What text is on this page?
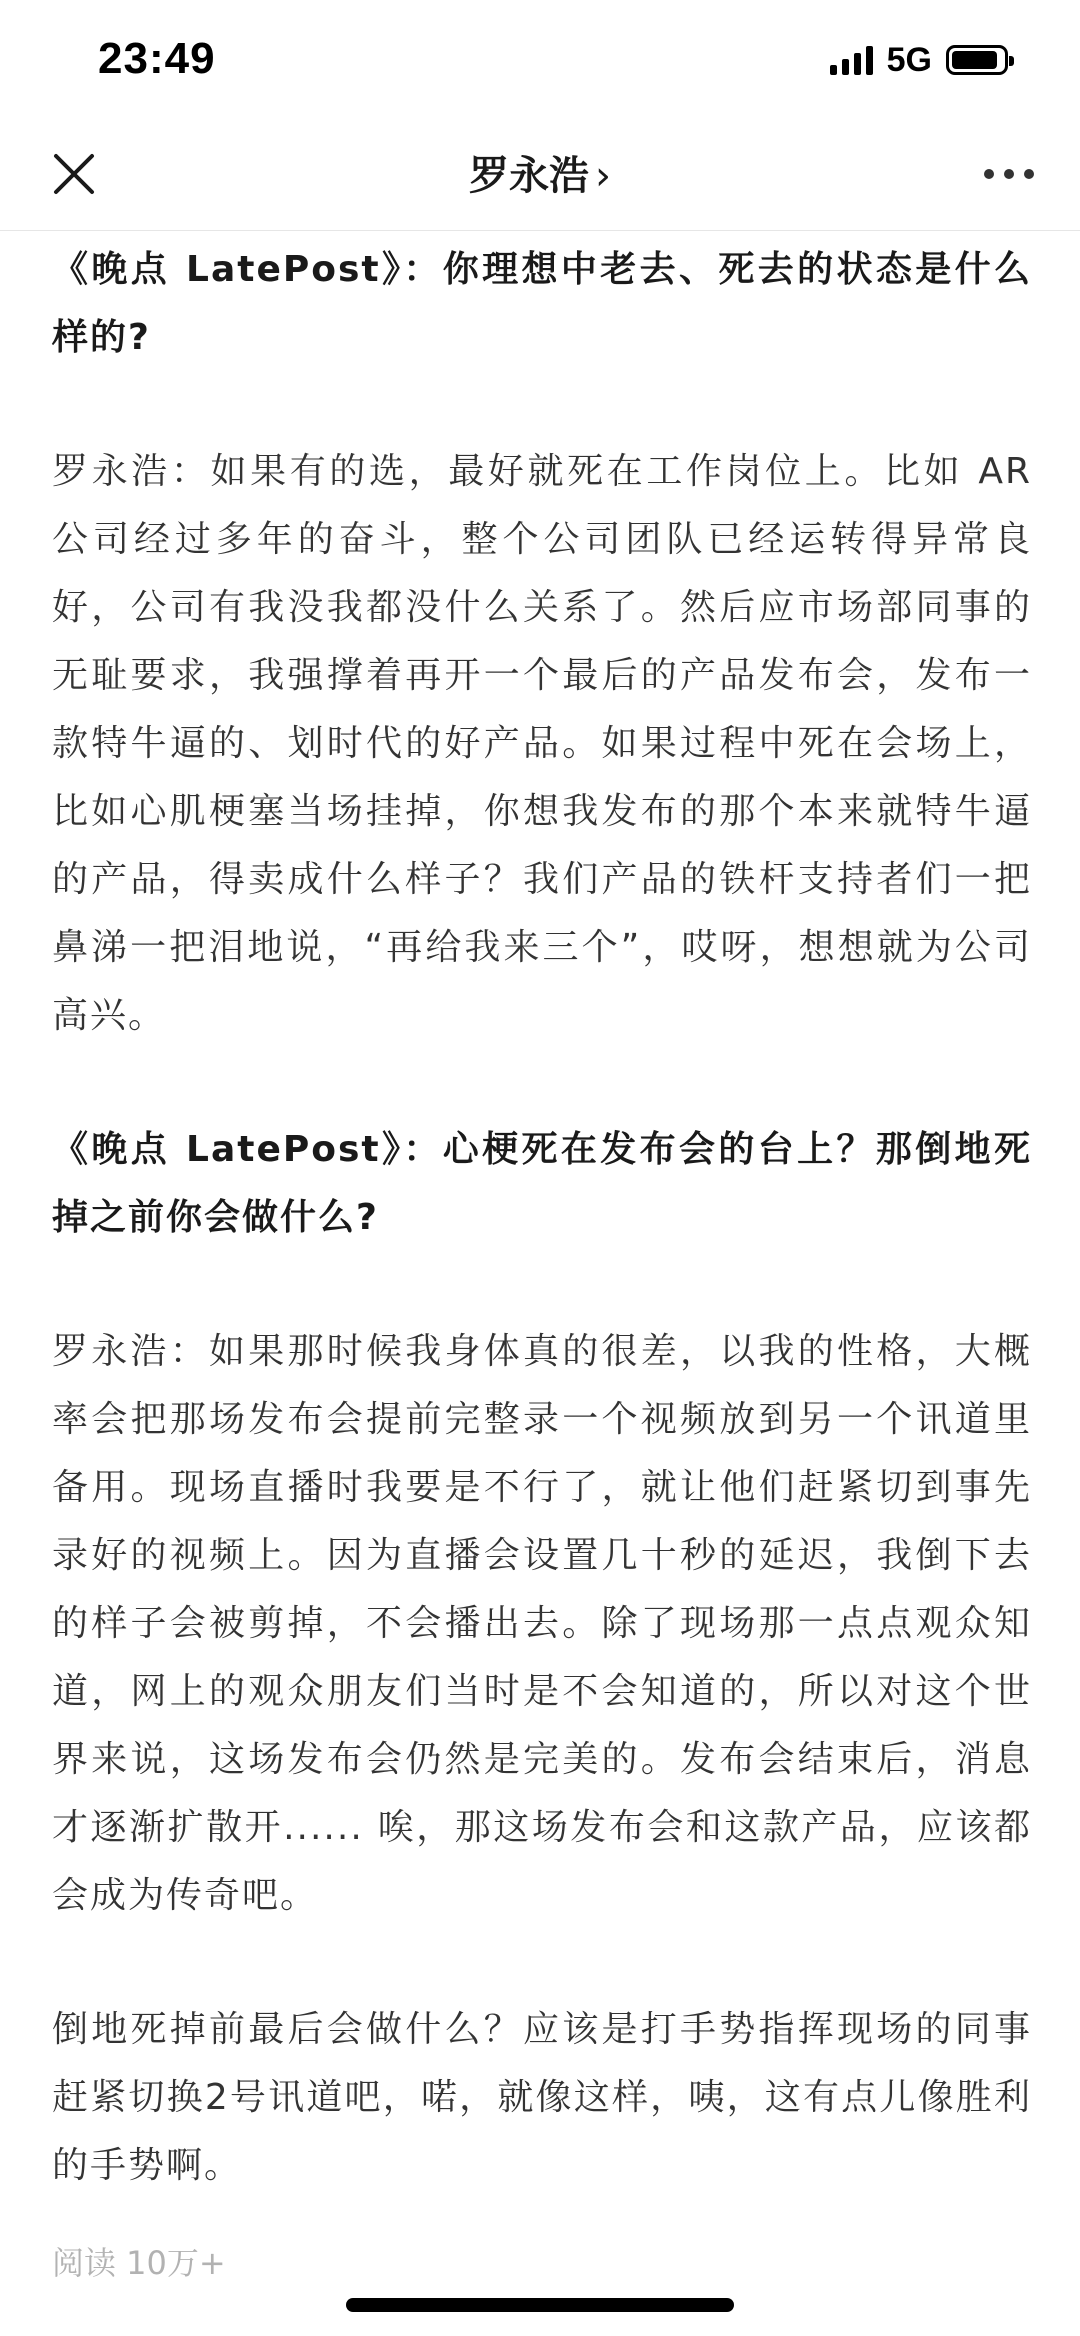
23:49	5G
罗永浩 ›

《晚点 LatePost》：你理想中老去、死去的状态是什么样的?

罗永浩：如果有的选，最好就死在工作岗位上。比如 AR 公司经过多年的奋斗，整个公司团队已经运转得异常良好，公司有我没我都没什么关系了。然后应市场部同事的无耻要求，我强撑着再开一个最后的产品发布会，发布一款特牛逼的、划时代的好产品。如果过程中死在会场上，比如心肌梗塞当场挂掉，你想我发布的那个本来就特牛逼的产品，得卖成什么样子？我们产品的铁杆支持者们一把鼻涕一把泪地说，“再给我来三个”，哎呀，想想就为公司高兴。

《晚点 LatePost》：心梗死在发布会的台上？那倒地死掉之前你会做什么?

罗永浩：如果那时候我身体真的很差，以我的性格，大概率会把那场发布会提前完整录一个视频放到另一个讯道里备用。现场直播时我要是不行了，就让他们赶紧切到事先录好的视频上。因为直播会设置几十秒的延迟，我倒下去的样子会被剪掉，不会播出去。除了现场那一点点观众知道，网上的观众朋友们当时是不会知道的，所以对这个世界来说，这场发布会仍然是完美的。发布会结束后，消息才逐渐扩散开...... 唉，那这场发布会和这款产品，应该都会成为传奇吧。

倒地死掉前最后会做什么？应该是打手势指挥现场的同事赶紧切换2号讯道吧，喏，就像这样，咦，这有点儿像胜利的手势啊。

阅读 10万+
